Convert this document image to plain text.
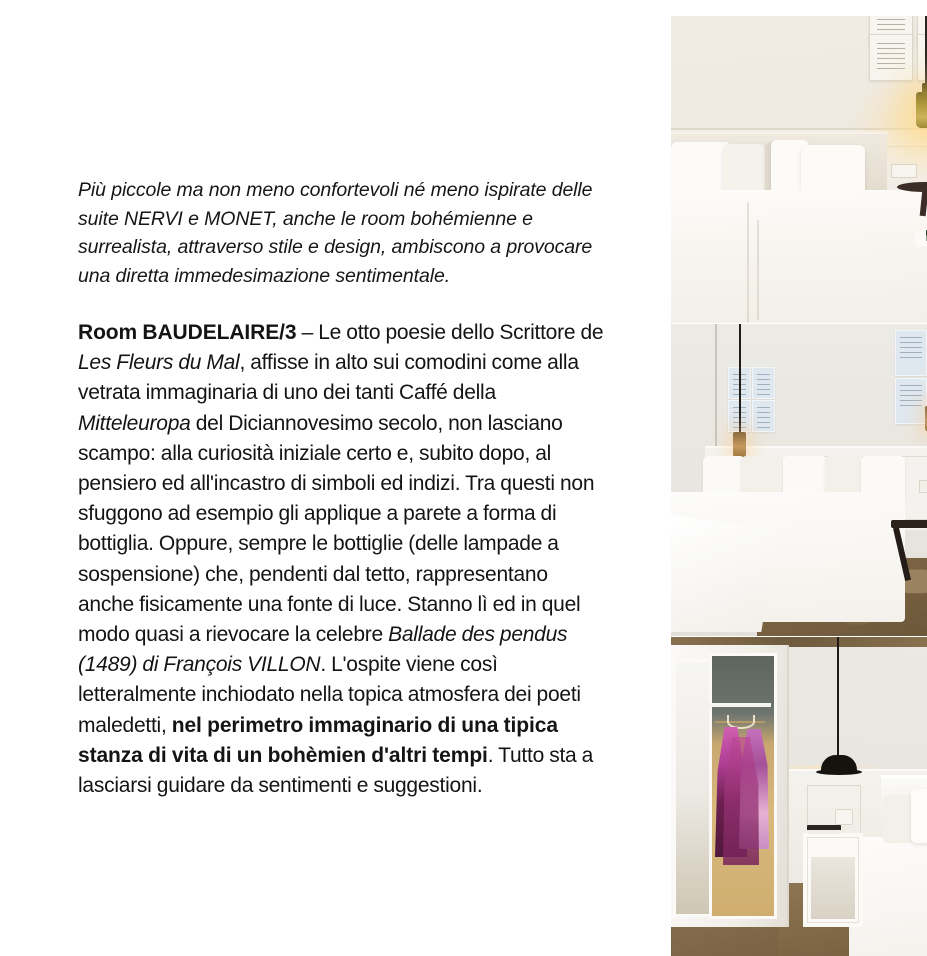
Più piccole ma non meno confortevoli né meno ispirate delle suite NERVI e MONET, anche le room bohémienne e surrealista, attraverso stile e design, ambiscono a provocare una diretta immedesimazione sentimentale.

Room BAUDELAIRE/3 – Le otto poesie dello Scrittore de Les Fleurs du Mal, affisse in alto sui comodini come alla vetrata immaginaria di uno dei tanti Caffé della Mitteleuropa del Diciannovesimo secolo, non lasciano scampo: alla curiosità iniziale certo e, subito dopo, al pensiero ed all'incastro di simboli ed indizi. Tra questi non sfuggono ad esempio gli applique a parete a forma di bottiglia. Oppure, sempre le bottiglie (delle lampade a sospensione) che, pendenti dal tetto, rappresentano anche fisicamente una fonte di luce. Stanno lì ed in quel modo quasi a rievocare la celebre Ballade des pendus (1489) di François VILLON. L'ospite viene così letteralmente inchiodato nella topica atmosfera dei poeti maledetti, nel perimetro immaginario di una tipica stanza di vita di un bohèmien d'altri tempi. Tutto sta a lasciarsi guidare da sentimenti e suggestioni.
